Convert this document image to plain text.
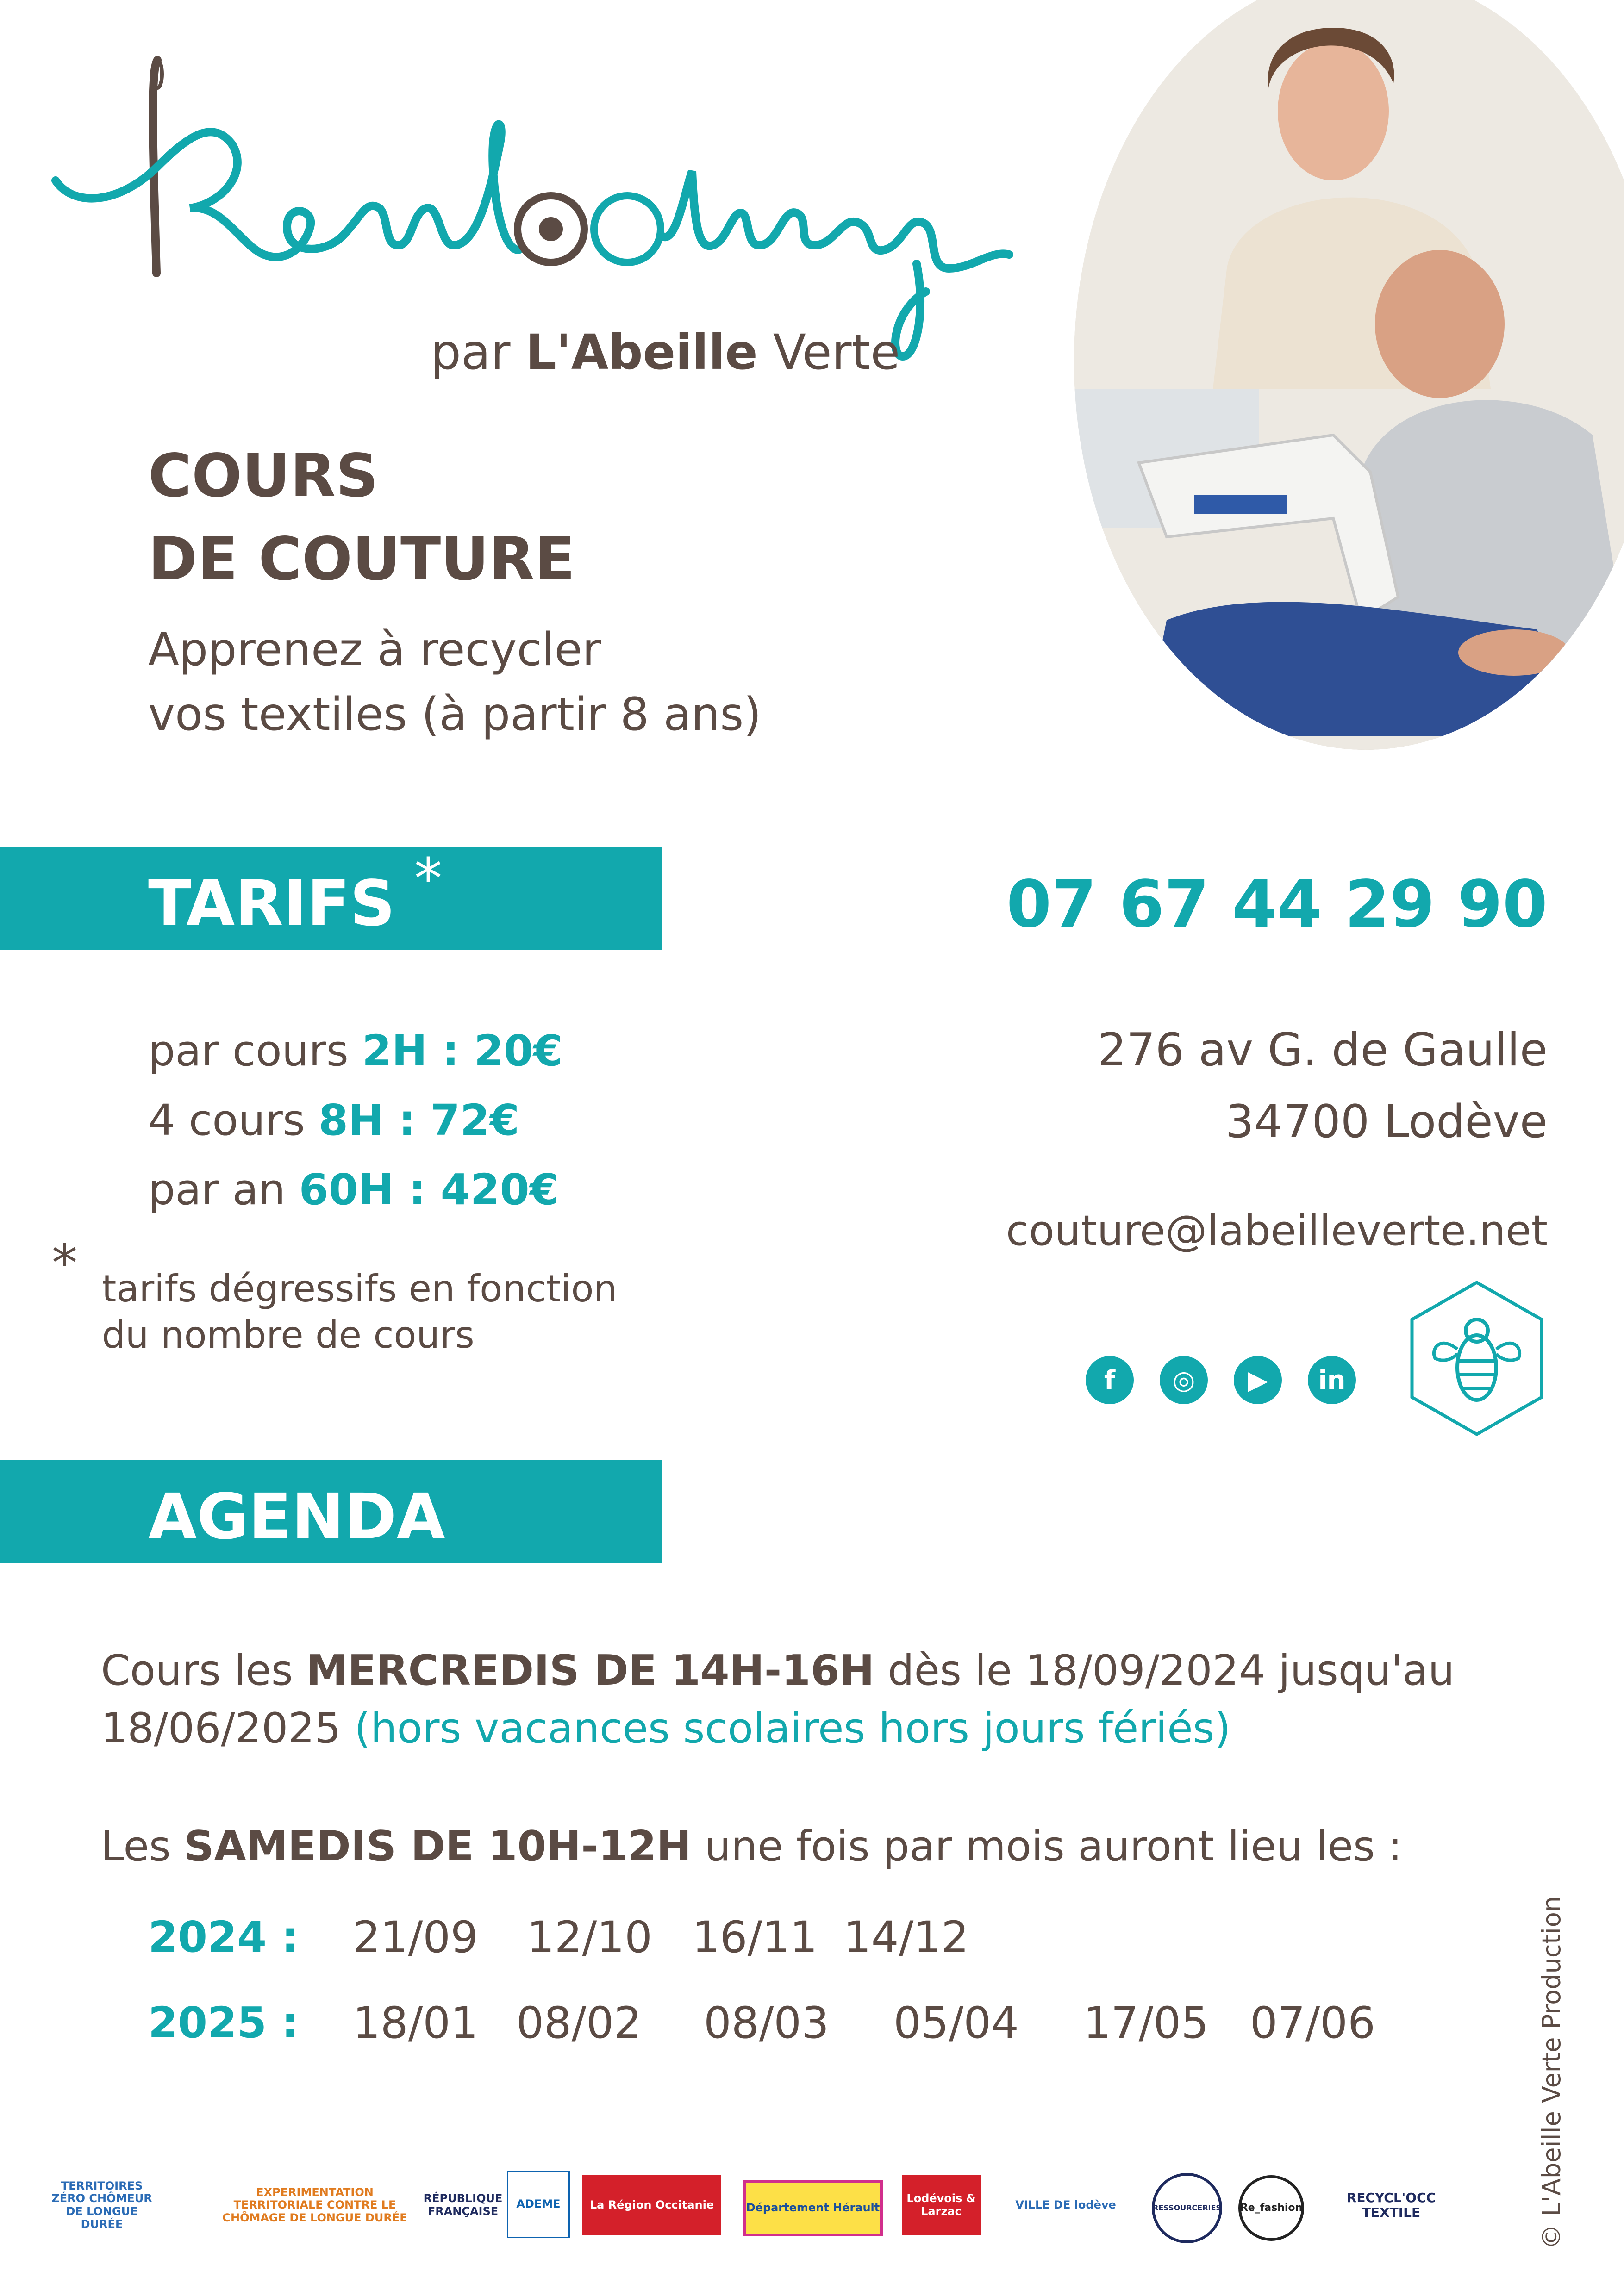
par L'Abeille Verte
COURS
DE COUTURE
Apprenez à recycler
vos textiles (à partir 8 ans)
TARIFS *
par cours 2H : 20€
4 cours 8H : 72€
par an 60H : 420€
* tarifs dégressifs en fonction
du nombre de cours
07 67 44 29 90
276 av G. de Gaulle
34700 Lodève
couture@labeilleverte.net
f	◎	▶	in
AGENDA
Cours les MERCREDIS DE 14H-16H dès le 18/09/2024 jusqu'au
18/06/2025 (hors vacances scolaires hors jours fériés)
Les SAMEDIS DE 10H-12H une fois par mois auront lieu les :
2024 : 21/09 12/10 16/11 14/12
2025 : 18/01 08/02 08/03 05/04 17/05 07/06	© L'Abeille Verte Production
TERRITOIRES ZÉRO CHÔMEUR DE LONGUE DURÉE
EXPERIMENTATION TERRITORIALE CONTRE LE CHÔMAGE DE LONGUE DURÉE
RÉPUBLIQUE FRANÇAISE
ADEME	La Région Occitanie	Département Hérault
Lodévois & Larzac	VILLE DE lodève	RESSOURCERIES Re_fashion
RECYCL'OCC TEXTILE
